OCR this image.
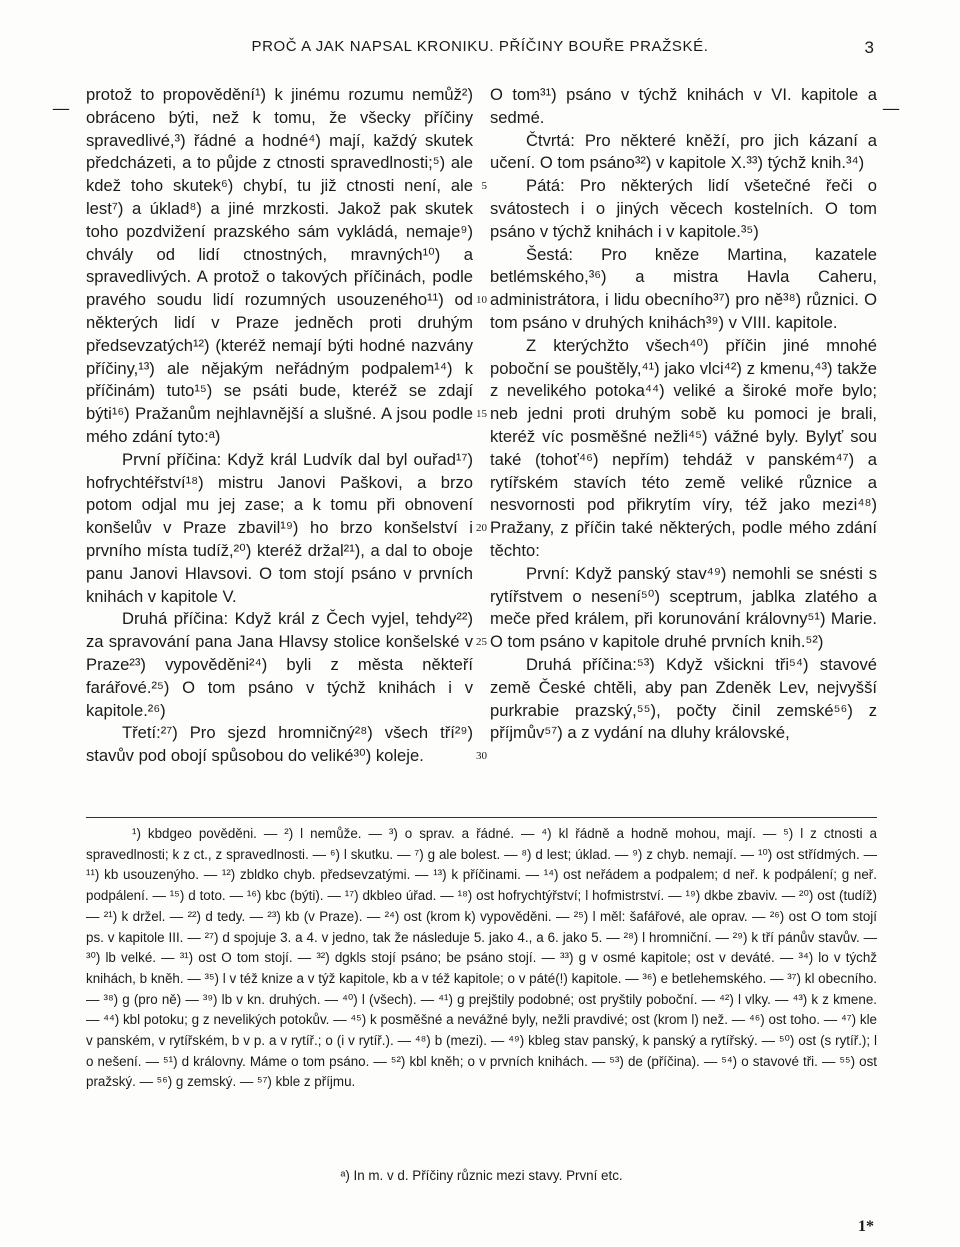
PROČ A JAK NAPSAL KRONIKU. PŘÍČINY BOUŘE PRAŽSKÉ.	3
—	—

protož to propovědění¹) k jinému rozumu nemůž²) obráceno býti, než k tomu, že všecky příčiny spravedlivé,³) řádné a hodné⁴) mají, každý skutek předcházeti, a to půjde z ctnosti spravedlnosti;⁵) ale kdež toho skutek⁶) chybí, tu již ctnosti není, ale lest⁷) a úklad⁸) a jiné mrzkosti. Jakož pak skutek toho pozdvižení prazského sám vykládá, nemaje⁹) chvály od lidí ctnostných, mravných¹⁰) a spravedlivých. A protož o takových příčinách, podle pravého soudu lidí rozumných usouzeného¹¹) od některých lidí v Praze jedněch proti druhým předsevzatých¹²) (kteréž nemají býti hodné nazvány příčiny,¹³) ale nějakým neřádným podpalem¹⁴) k příčinám) tuto¹⁵) se psáti bude, kteréž se zdají býti¹⁶) Pražanům nejhlavnější a slušné. A jsou podle mého zdání tyto:ᵃ)

První příčina: Když král Ludvík dal byl ouřad¹⁷) hofrychtéřství¹⁸) mistru Janovi Paškovi, a brzo potom odjal mu jej zase; a k tomu při obnovení konšelův v Praze zbavil¹⁹) ho brzo konšelství i prvního místa tudíž,²⁰) kteréž držal²¹), a dal to oboje panu Janovi Hlavsovi. O tom stojí psáno v prvních knihách v kapitole V.

Druhá příčina: Když král z Čech vyjel, tehdy²²) za spravování pana Jana Hlavsy stolice konšelské v Praze²³) vypověděni²⁴) byli z města někteří farářové.²⁵) O tom psáno v týchž knihách i v kapitole.²⁶)

Třetí:²⁷) Pro sjezd hromničný²⁸) všech tří²⁹) stavův pod obojí spůsobou do veliké³⁰) koleje.

5
10
15
20
25
30

O tom³¹) psáno v týchž knihách v VI. kapitole a sedmé.

Čtvrtá: Pro některé kněží, pro jich kázaní a učení. O tom psáno³²) v kapitole X.³³) týchž knih.³⁴)

Pátá: Pro některých lidí všetečné řeči o svátostech i o jiných věcech kostelních. O tom psáno v týchž knihách i v kapitole.³⁵)

Šestá: Pro kněze Martina, kazatele betlémského,³⁶) a mistra Havla Caheru, administrátora, i lidu obecního³⁷) pro ně³⁸) různici. O tom psáno v druhých knihách³⁹) v VIII. kapitole.

Z kterýchžto všech⁴⁰) příčin jiné mnohé poboční se pouštěly,⁴¹) jako vlci⁴²) z kmenu,⁴³) takže z nevelikého potoka⁴⁴) veliké a široké moře bylo; neb jedni proti druhým sobě ku pomoci je brali, kteréž víc posměšné nežli⁴⁵) vážné byly. Bylyť sou také (tohoť⁴⁶) nepřím) tehdáž v panském⁴⁷) a rytířském stavích této země veliké různice a nesvornosti pod přikrytím víry, též jako mezi⁴⁸) Pražany, z příčin také některých, podle mého zdání těchto:

První: Když panský stav⁴⁹) nemohli se snésti s rytířstvem o nesení⁵⁰) sceptrum, jablka zlatého a meče před králem, při korunování královny⁵¹) Marie. O tom psáno v kapitole druhé prvních knih.⁵²)

Druhá příčina:⁵³) Když všickni tři⁵⁴) stavové země České chtěli, aby pan Zdeněk Lev, nejvyšší purkrabie prazský,⁵⁵), počty činil zemské⁵⁶) z příjmův⁵⁷) a z vydání na dluhy královské,

¹) kbdgeo pověděni. — ²) l nemůže. — ³) o sprav. a řádné. — ⁴) kl řádně a hodně mohou, mají. — ⁵) l z ctnosti a spravedlnosti; k z ct., z spravedlnosti. — ⁶) l skutku. — ⁷) g ale bolest. — ⁸) d lest; úklad. — ⁹) z chyb. nemají. — ¹⁰) ost střídmých. — ¹¹) kb usouzenýho. — ¹²) zbldko chyb. předsevzatými. — ¹³) k příčinami. — ¹⁴) ost neřádem a podpalem; d neř. k podpálení; g neř. podpálení. — ¹⁵) d toto. — ¹⁶) kbc (býti). — ¹⁷) dkbleo úřad. — ¹⁸) ost hofrychtýřství; l hofmistrství. — ¹⁹) dkbe zbaviv. — ²⁰) ost (tudíž) — ²¹) k držel. — ²²) d tedy. — ²³) kb (v Praze). — ²⁴) ost (krom k) vypověděni. — ²⁵) l měl: šafářové, ale oprav. — ²⁶) ost O tom stojí ps. v kapitole III. — ²⁷) d spojuje 3. a 4. v jedno, tak že následuje 5. jako 4., a 6. jako 5. — ²⁸) l hromniční. — ²⁹) k tří pánův stavův. — ³⁰) lb velké. — ³¹) ost O tom stojí. — ³²) dgkls stojí psáno; be psáno stojí. — ³³) g v osmé kapitole; ost v deváté. — ³⁴) lo v týchž knihách, b kněh. — ³⁵) l v též knize a v týž kapitole, kb a v též kapitole; o v páté(!) kapitole. — ³⁶) e betlehemského. — ³⁷) kl obecního. — ³⁸) g (pro ně) — ³⁹) lb v kn. druhých. — ⁴⁰) l (všech). — ⁴¹) g prejštily podobné; ost pryštily poboční. — ⁴²) l vlky. — ⁴³) k z kmene. — ⁴⁴) kbl potoku; g z nevelikých potokův. — ⁴⁵) k posměšné a nevážné byly, nežli pravdivé; ost (krom l) než. — ⁴⁶) ost toho. — ⁴⁷) kle v panském, v rytířském, b v p. a v rytíř.; o (i v rytíř.). — ⁴⁸) b (mezi). — ⁴⁹) kbleg stav panský, k panský a rytířský. — ⁵⁰) ost (s rytíř.); l o nešení. — ⁵¹) d královny. Máme o tom psáno. — ⁵²) kbl kněh; o v prvních knihách. — ⁵³) de (příčina). — ⁵⁴) o stavové tři. — ⁵⁵) ost pražský. — ⁵⁶) g zemský. — ⁵⁷) kble z příjmu.
ᵃ) In m. v d. Příčiny různic mezi stavy. První etc.
1*
